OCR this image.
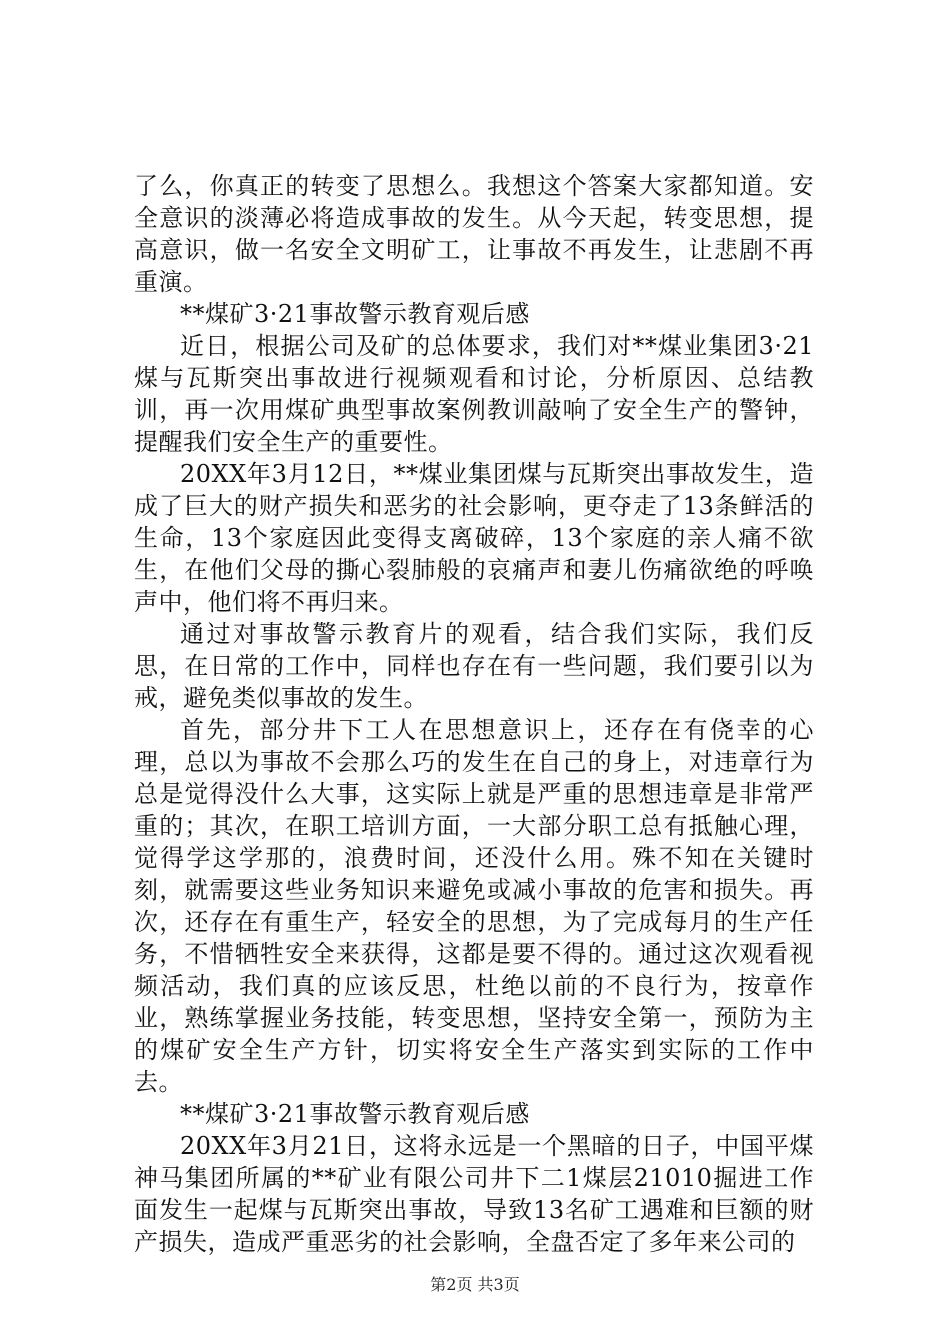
了么，你真正的转变了思想么。我想这个答案大家都知道。安全意识的淡薄必将造成事故的发生。从今天起，转变思想，提高意识，做一名安全文明矿工，让事故不再发生，让悲剧不再重演。

**煤矿3·21事故警示教育观后感

近日，根据公司及矿的总体要求，我们对**煤业集团3·21煤与瓦斯突出事故进行视频观看和讨论，分析原因、总结教训，再一次用煤矿典型事故案例教训敲响了安全生产的警钟，提醒我们安全生产的重要性。

20XX年3月12日，**煤业集团煤与瓦斯突出事故发生，造成了巨大的财产损失和恶劣的社会影响，更夺走了13条鲜活的生命，13个家庭因此变得支离破碎，13个家庭的亲人痛不欲生，在他们父母的撕心裂肺般的哀痛声和妻儿伤痛欲绝的呼唤声中，他们将不再归来。

通过对事故警示教育片的观看，结合我们实际，我们反思，在日常的工作中，同样也存在有一些问题，我们要引以为戒，避免类似事故的发生。

首先，部分井下工人在思想意识上，还存在有侥幸的心理，总以为事故不会那么巧的发生在自己的身上，对违章行为总是觉得没什么大事，这实际上就是严重的思想违章是非常严重的；其次，在职工培训方面，一大部分职工总有抵触心理，觉得学这学那的，浪费时间，还没什么用。殊不知在关键时刻，就需要这些业务知识来避免或减小事故的危害和损失。再次，还存在有重生产，轻安全的思想，为了完成每月的生产任务，不惜牺牲安全来获得，这都是要不得的。通过这次观看视频活动，我们真的应该反思，杜绝以前的不良行为，按章作业，熟练掌握业务技能，转变思想，坚持安全第一，预防为主的煤矿安全生产方针，切实将安全生产落实到实际的工作中去。

**煤矿3·21事故警示教育观后感

20XX年3月21日，这将永远是一个黑暗的日子，中国平煤神马集团所属的**矿业有限公司井下二1煤层21010掘进工作面发生一起煤与瓦斯突出事故，导致13名矿工遇难和巨额的财产损失，造成严重恶劣的社会影响，全盘否定了多年来公司的

第2页 共3页
